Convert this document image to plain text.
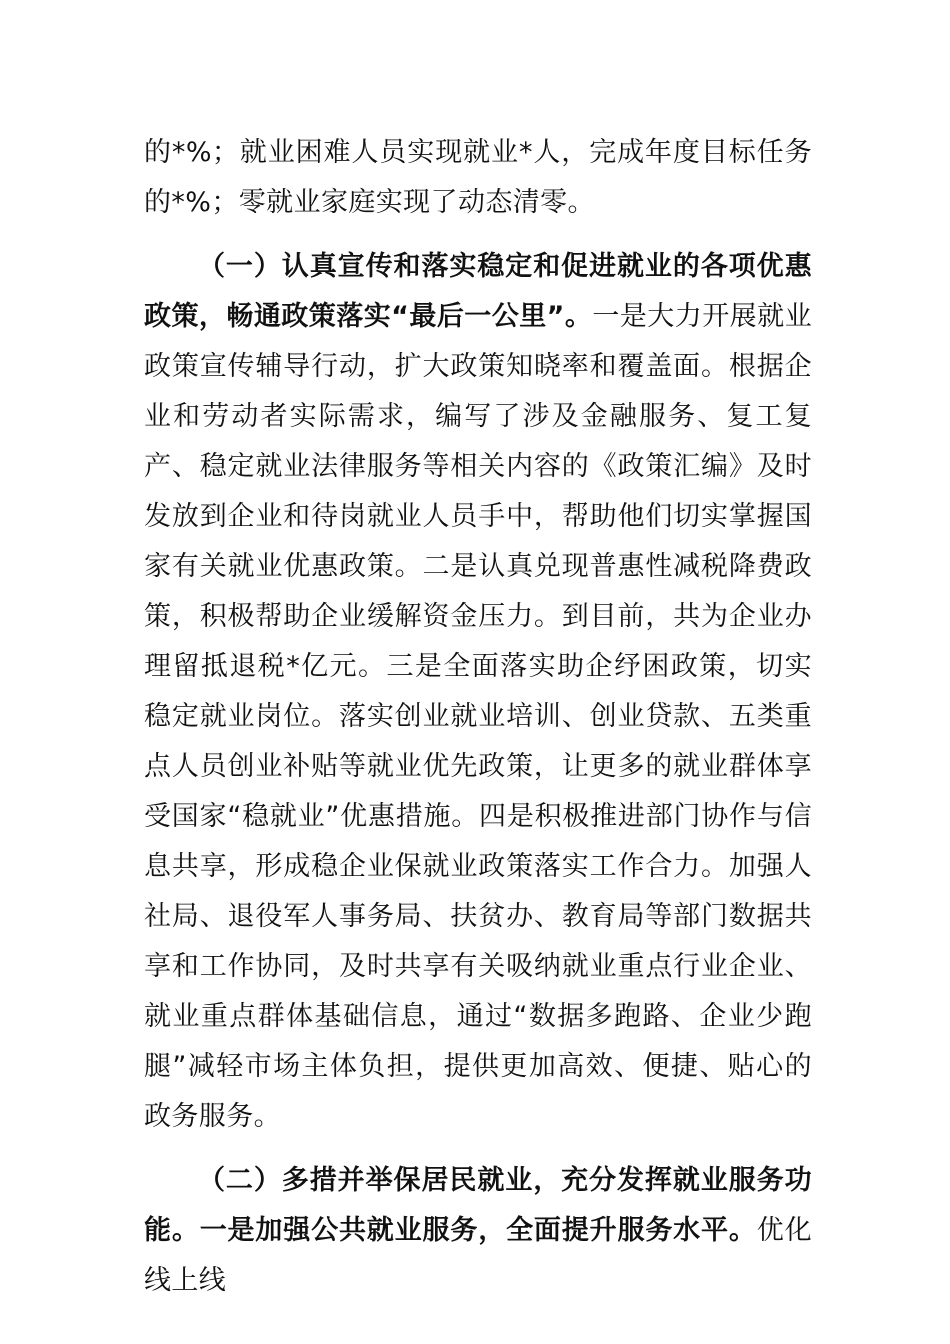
的*%；就业困难人员实现就业*人，完成年度目标任务的*%；零就业家庭实现了动态清零。

（一）认真宣传和落实稳定和促进就业的各项优惠政策，畅通政策落实“最后一公里”。一是大力开展就业政策宣传辅导行动，扩大政策知晓率和覆盖面。根据企业和劳动者实际需求，编写了涉及金融服务、复工复产、稳定就业法律服务等相关内容的《政策汇编》及时发放到企业和待岗就业人员手中，帮助他们切实掌握国家有关就业优惠政策。二是认真兑现普惠性减税降费政策，积极帮助企业缓解资金压力。到目前，共为企业办理留抵退税*亿元。三是全面落实助企纾困政策，切实稳定就业岗位。落实创业就业培训、创业贷款、五类重点人员创业补贴等就业优先政策，让更多的就业群体享受国家“稳就业”优惠措施。四是积极推进部门协作与信息共享，形成稳企业保就业政策落实工作合力。加强人社局、退役军人事务局、扶贫办、教育局等部门数据共享和工作协同，及时共享有关吸纳就业重点行业企业、就业重点群体基础信息，通过“数据多跑路、企业少跑腿”减轻市场主体负担，提供更加高效、便捷、贴心的政务服务。

（二）多措并举保居民就业，充分发挥就业服务功能。一是加强公共就业服务，全面提升服务水平。优化线上线
